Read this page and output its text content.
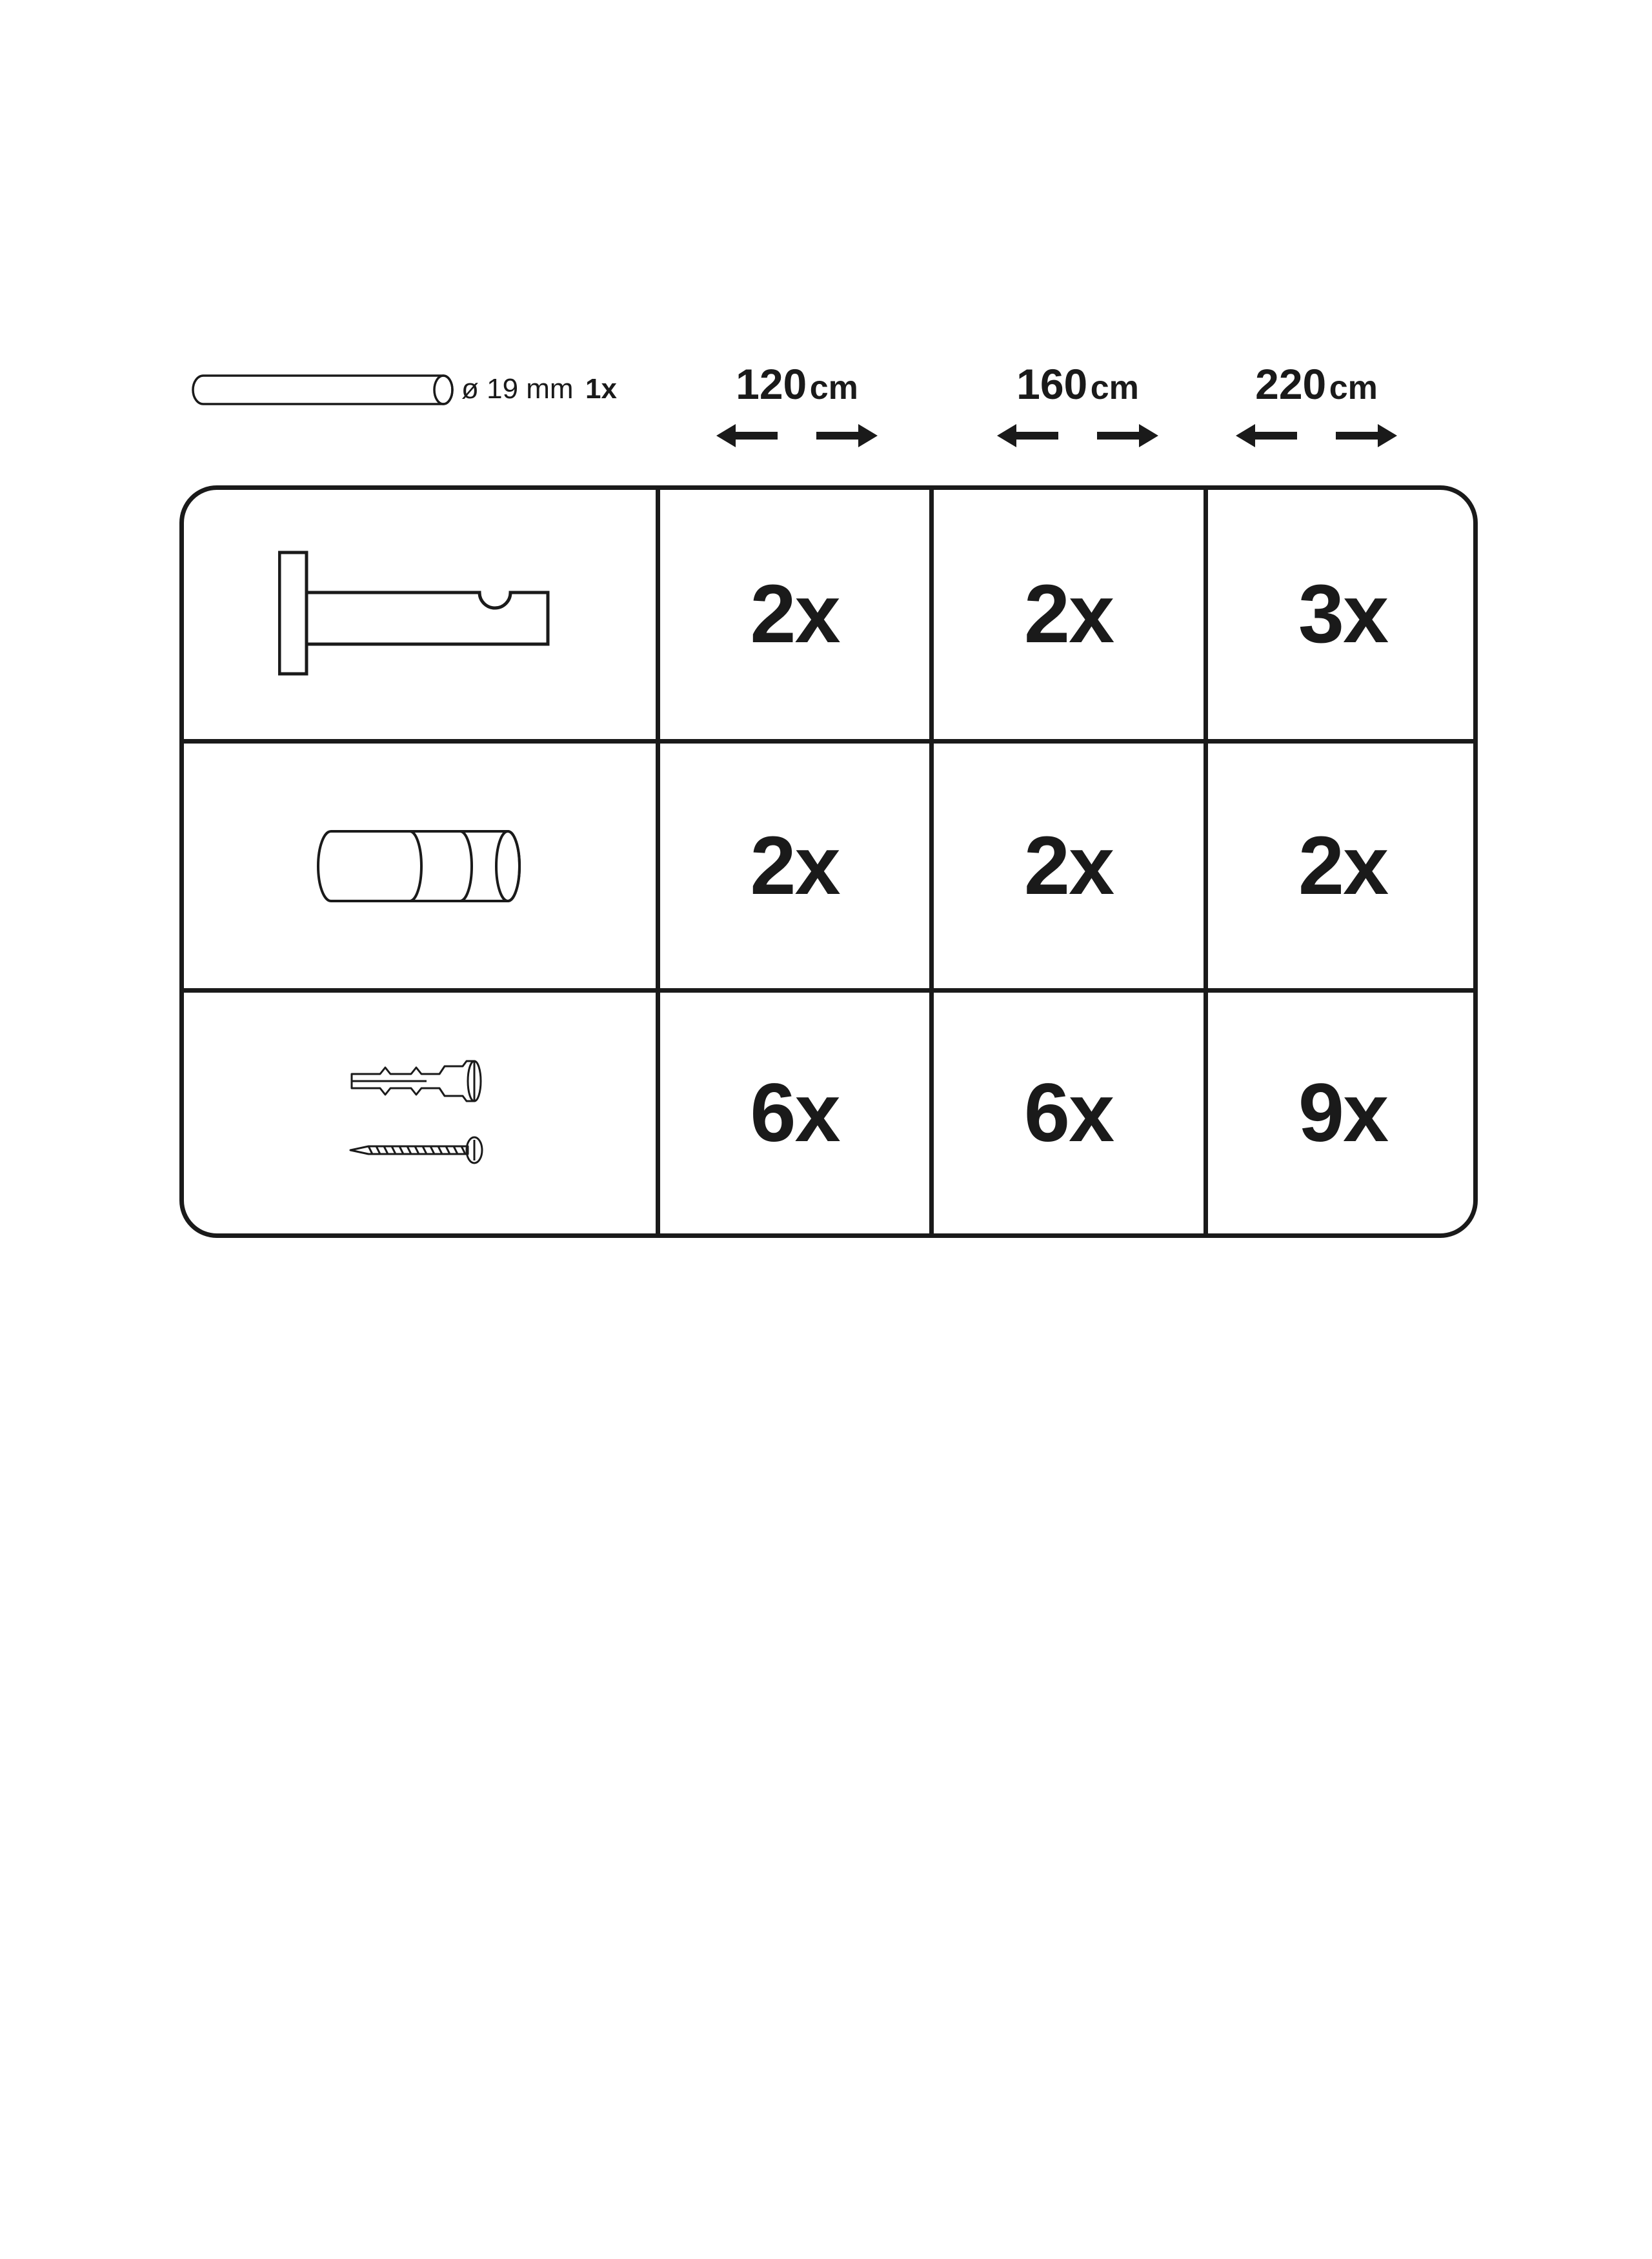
ø 19 mm 1x	120 cm	160 cm	220 cm
2x 2x 3x
2x 2x 2x
6x 6x 9x
